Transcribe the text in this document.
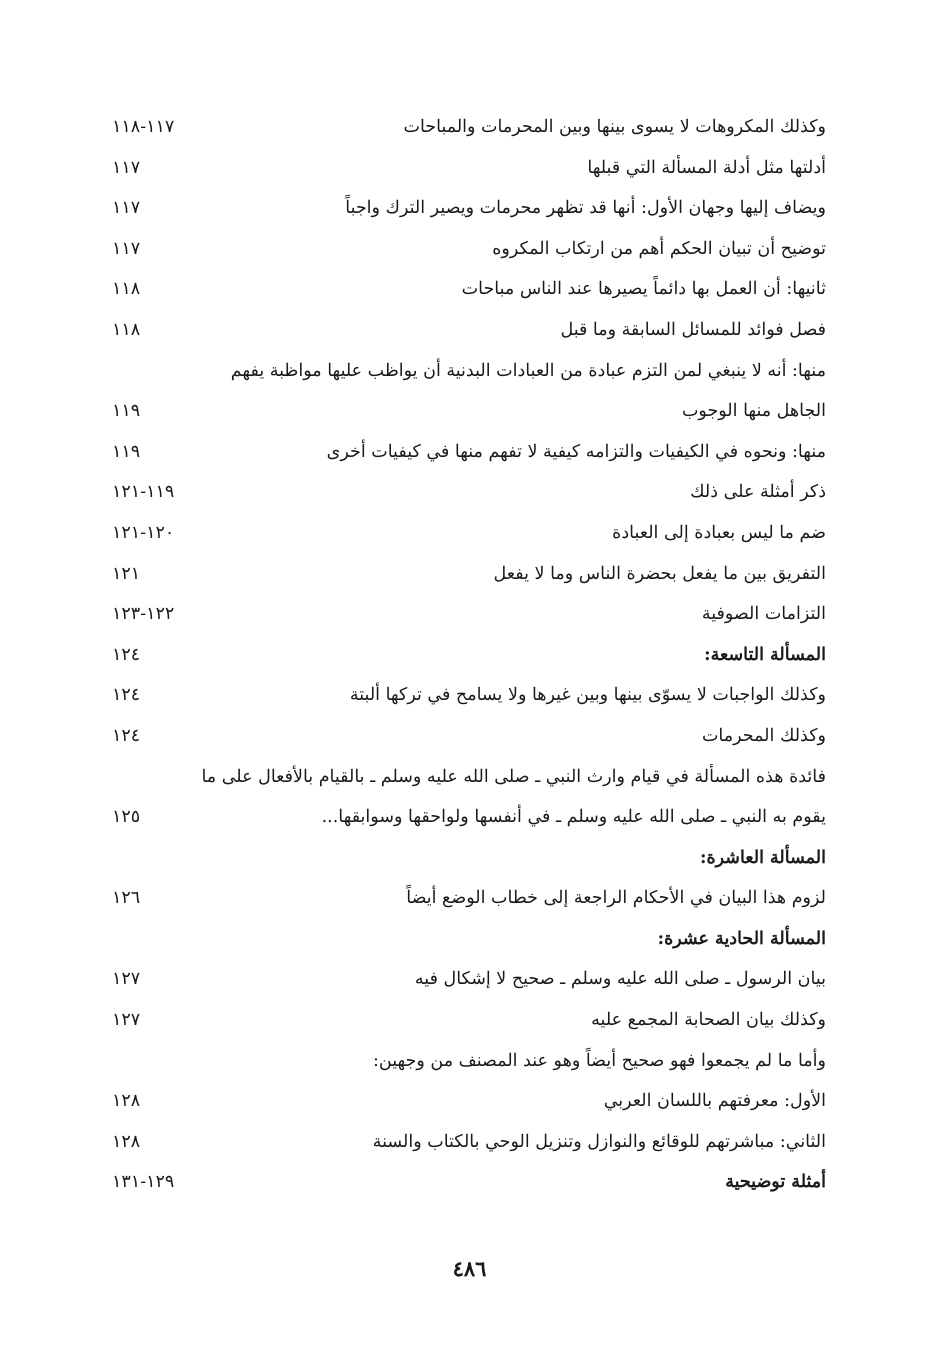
وكذلك المكروهات لا يسوى بينها وبين المحرمات والمباحات
١١٧-١١٨
أدلتها مثل أدلة المسألة التي قبلها
١١٧
ويضاف إليها وجهان الأول: أنها قد تظهر محرمات ويصير الترك واجباً
١١٧
توضيح أن تبيان الحكم أهم من ارتكاب المكروه
١١٧
ثانيها: أن العمل بها دائماً يصيرها عند الناس مباحات
١١٨
فصل فوائد للمسائل السابقة وما قبل
١١٨
منها: أنه لا ينبغي لمن التزم عبادة من العبادات البدنية أن يواظب عليها مواظبة يفهم
الجاهل منها الوجوب
١١٩
منها: ونحوه في الكيفيات والتزامه كيفية لا تفهم منها في كيفيات أخرى
١١٩
ذكر أمثلة على ذلك
١١٩-١٢١
ضم ما ليس بعبادة إلى العبادة
١٢٠-١٢١
التفريق بين ما يفعل بحضرة الناس وما لا يفعل
١٢١
التزامات الصوفية
١٢٢-١٢٣
المسألة التاسعة:
١٢٤
وكذلك الواجبات لا يسوّى بينها وبين غيرها ولا يسامح في تركها ألبتة
١٢٤
وكذلك المحرمات
١٢٤
فائدة هذه المسألة في قيام وارث النبي ـ صلى الله عليه وسلم ـ بالقيام بالأفعال على ما
يقوم به النبي ـ صلى الله عليه وسلم ـ في أنفسها ولواحقها وسوابقها...
١٢٥
المسألة العاشرة:
لزوم هذا البيان في الأحكام الراجعة إلى خطاب الوضع أيضاً
١٢٦
المسألة الحادية عشرة:
بيان الرسول ـ صلى الله عليه وسلم ـ صحيح لا إشكال فيه
١٢٧
وكذلك بيان الصحابة المجمع عليه
١٢٧
وأما ما لم يجمعوا فهو صحيح أيضاً وهو عند المصنف من وجهين:
الأول: معرفتهم باللسان العربي
١٢٨
الثاني: مباشرتهم للوقائع والنوازل وتنزيل الوحي بالكتاب والسنة
١٢٨
أمثلة توضيحية
١٢٩-١٣١
٤٨٦
